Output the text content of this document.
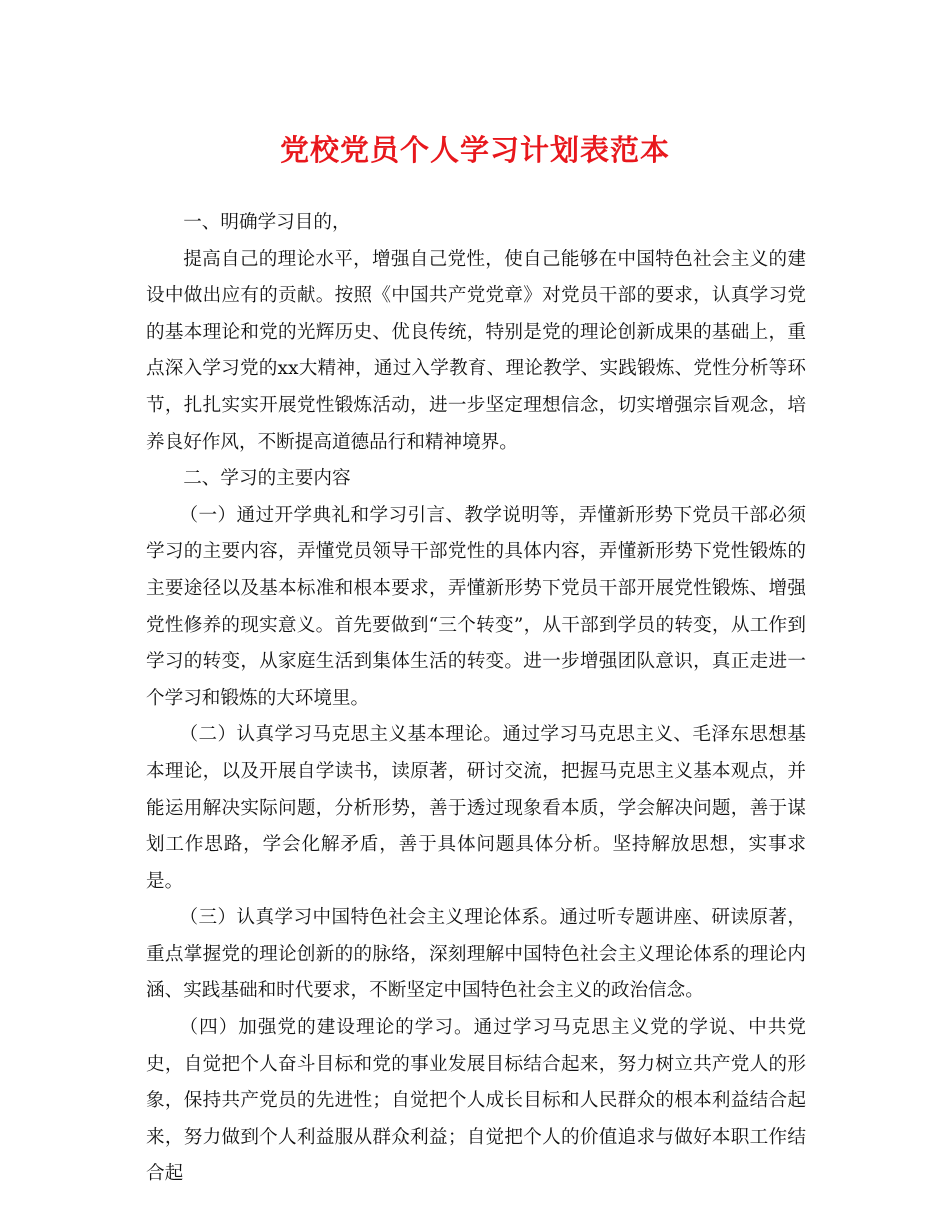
党校党员个人学习计划表范本

一、明确学习目的，

提高自己的理论水平，增强自己党性，使自己能够在中国特色社会主义的建设中做出应有的贡献。按照《中国共产党党章》对党员干部的要求，认真学习党的基本理论和党的光辉历史、优良传统，特别是党的理论创新成果的基础上，重点深入学习党的xx大精神，通过入学教育、理论教学、实践锻炼、党性分析等环节，扎扎实实开展党性锻炼活动，进一步坚定理想信念，切实增强宗旨观念，培养良好作风，不断提高道德品行和精神境界。

二、学习的主要内容

（一）通过开学典礼和学习引言、教学说明等，弄懂新形势下党员干部必须学习的主要内容，弄懂党员领导干部党性的具体内容，弄懂新形势下党性锻炼的主要途径以及基本标准和根本要求，弄懂新形势下党员干部开展党性锻炼、增强党性修养的现实意义。首先要做到“三个转变”，从干部到学员的转变，从工作到学习的转变，从家庭生活到集体生活的转变。进一步增强团队意识，真正走进一个学习和锻炼的大环境里。

（二）认真学习马克思主义基本理论。通过学习马克思主义、毛泽东思想基本理论，以及开展自学读书，读原著，研讨交流，把握马克思主义基本观点，并能运用解决实际问题，分析形势，善于透过现象看本质，学会解决问题，善于谋划工作思路，学会化解矛盾，善于具体问题具体分析。坚持解放思想，实事求是。

（三）认真学习中国特色社会主义理论体系。通过听专题讲座、研读原著，重点掌握党的理论创新的的脉络，深刻理解中国特色社会主义理论体系的理论内涵、实践基础和时代要求，不断坚定中国特色社会主义的政治信念。

（四）加强党的建设理论的学习。通过学习马克思主义党的学说、中共党史，自觉把个人奋斗目标和党的事业发展目标结合起来，努力树立共产党人的形象，保持共产党员的先进性；自觉把个人成长目标和人民群众的根本利益结合起来，努力做到个人利益服从群众利益；自觉把个人的价值追求与做好本职工作结合起
